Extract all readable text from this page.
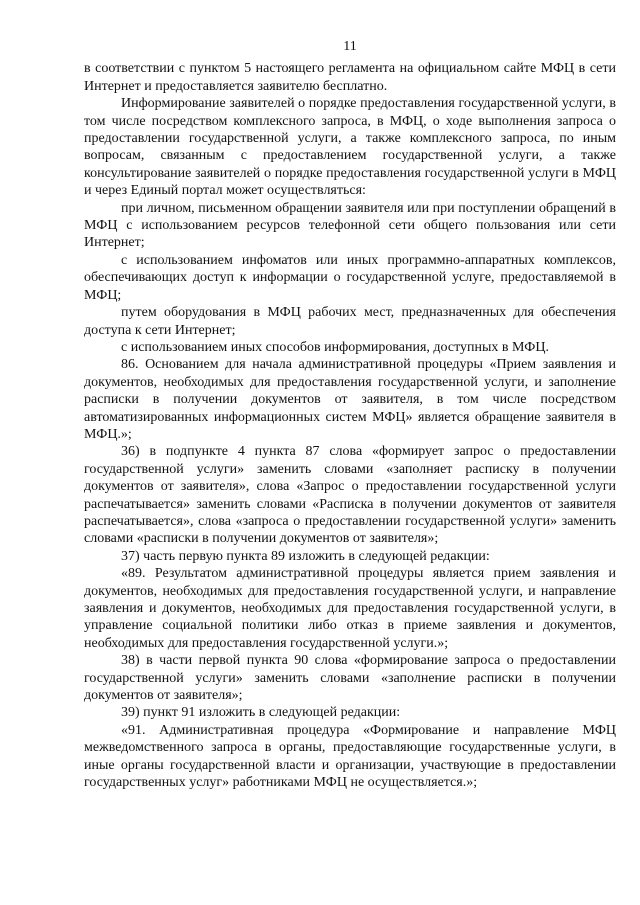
11

в соответствии с пунктом 5 настоящего регламента на официальном сайте МФЦ в сети Интернет и предоставляется заявителю бесплатно.

Информирование заявителей о порядке предоставления государственной услуги, в том числе посредством комплексного запроса, в МФЦ, о ходе выполнения запроса о предоставлении государственной услуги, а также комплексного запроса, по иным вопросам, связанным с предоставлением государственной услуги, а также консультирование заявителей о порядке предоставления государственной услуги в МФЦ и через Единый портал может осуществляться:

при личном, письменном обращении заявителя или при поступлении обращений в МФЦ с использованием ресурсов телефонной сети общего пользования или сети Интернет;

с использованием инфоматов или иных программно-аппаратных комплексов, обеспечивающих доступ к информации о государственной услуге, предоставляемой в МФЦ;

путем оборудования в МФЦ рабочих мест, предназначенных для обеспечения доступа к сети Интернет;

с использованием иных способов информирования, доступных в МФЦ.

86. Основанием для начала административной процедуры «Прием заявления и документов, необходимых для предоставления государственной услуги, и заполнение расписки в получении документов от заявителя, в том числе посредством автоматизированных информационных систем МФЦ» является обращение заявителя в МФЦ.»;

36) в подпункте 4 пункта 87 слова «формирует запрос о предоставлении государственной услуги» заменить словами «заполняет расписку в получении документов от заявителя», слова «Запрос о предоставлении государственной услуги распечатывается» заменить словами «Расписка в получении документов от заявителя распечатывается», слова «запроса о предоставлении государственной услуги» заменить словами «расписки в получении документов от заявителя»;

37) часть первую пункта 89 изложить в следующей редакции:

«89. Результатом административной процедуры является прием заявления и документов, необходимых для предоставления государственной услуги, и направление заявления и документов, необходимых для предоставления государственной услуги, в управление социальной политики либо отказ в приеме заявления и документов, необходимых для предоставления государственной услуги.»;

38) в части первой пункта 90 слова «формирование запроса о предоставлении государственной услуги» заменить словами «заполнение расписки в получении документов от заявителя»;

39) пункт 91 изложить в следующей редакции:

«91. Административная процедура «Формирование и направление МФЦ межведомственного запроса в органы, предоставляющие государственные услуги, в иные органы государственной власти и организации, участвующие в предоставлении государственных услуг» работниками МФЦ не осуществляется.»;
